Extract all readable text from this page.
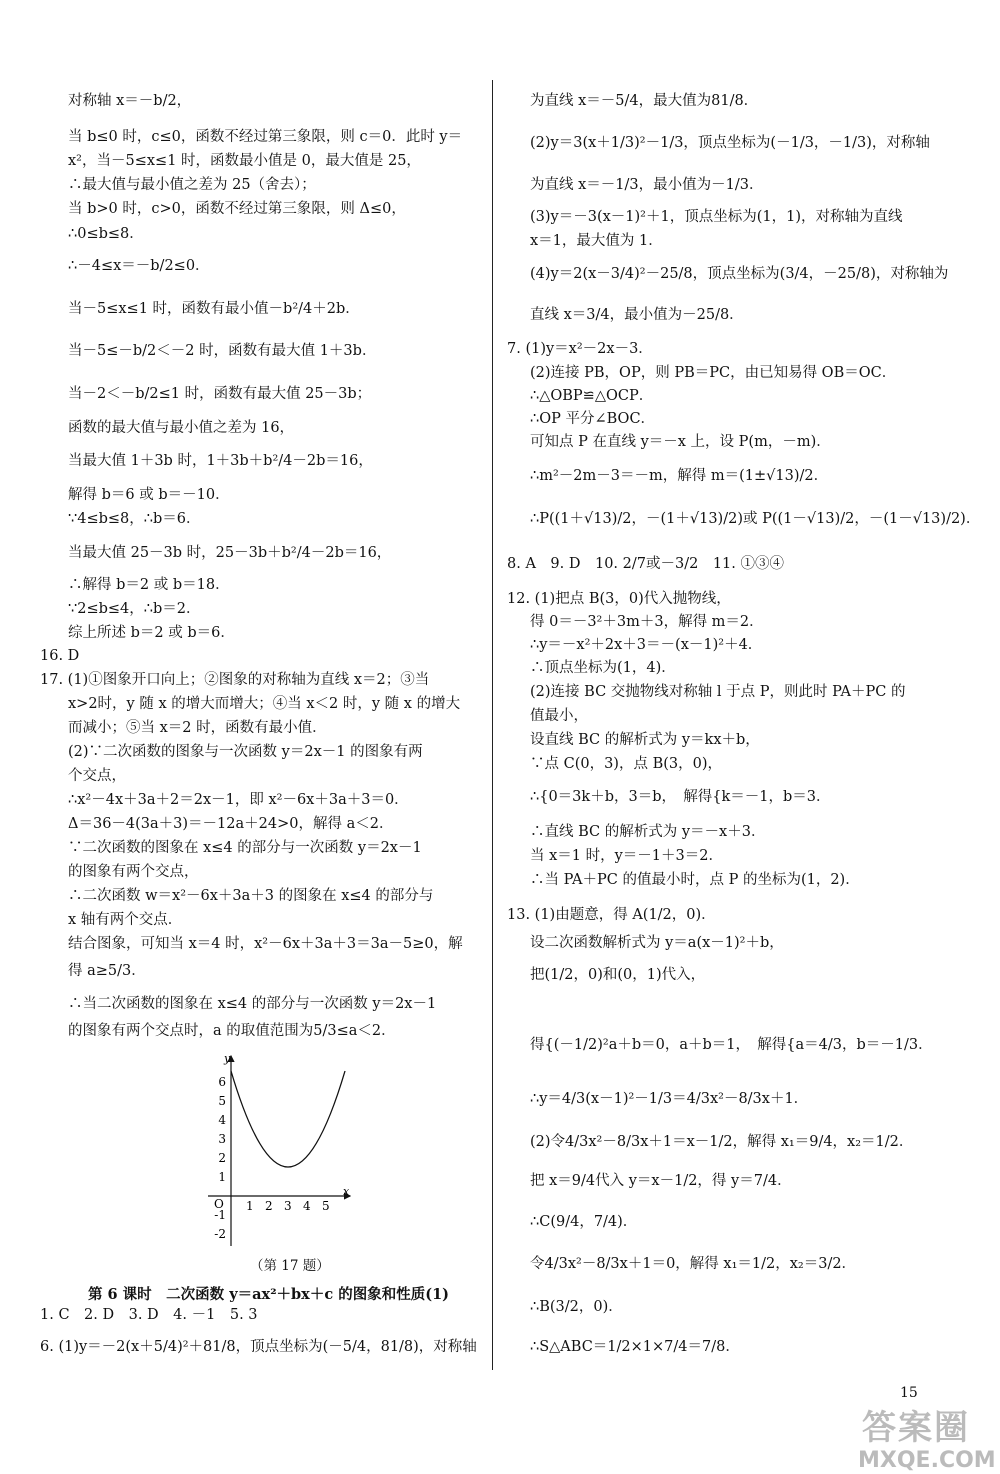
对称轴 x＝－b/2，
当 b≤0 时，c≤0，函数不经过第三象限，则 c＝0．此时 y＝
x²，当－5≤x≤1 时，函数最小值是 0，最大值是 25，
∴最大值与最小值之差为 25（舍去）；
当 b>0 时，c>0，函数不经过第三象限，则 Δ≤0，
∴0≤b≤8．
∴－4≤x＝－b/2≤0．
当－5≤x≤1 时，函数有最小值－b²/4＋2b．
当－5≤－b/2＜－2 时，函数有最大值 1＋3b．
当－2＜－b/2≤1 时，函数有最大值 25－3b；
函数的最大值与最小值之差为 16，
当最大值 1＋3b 时，1＋3b＋b²/4－2b＝16，
解得 b＝6 或 b＝－10．
∵4≤b≤8，∴b＝6．
当最大值 25－3b 时，25－3b＋b²/4－2b＝16，
∴解得 b＝2 或 b＝18．
∵2≤b≤4，∴b＝2．
综上所述 b＝2 或 b＝6．
16. D
17. (1)①图象开口向上；②图象的对称轴为直线 x＝2；③当
x>2时，y 随 x 的增大而增大；④当 x＜2 时，y 随 x 的增大
而减小；⑤当 x＝2 时，函数有最小值．
(2)∵二次函数的图象与一次函数 y＝2x－1 的图象有两
个交点，
∴x²－4x＋3a＋2＝2x－1，即 x²－6x＋3a＋3＝0．
Δ＝36－4(3a＋3)＝－12a＋24>0，解得 a＜2．
∵二次函数的图象在 x≤4 的部分与一次函数 y＝2x－1
的图象有两个交点，
∴二次函数 w＝x²－6x＋3a＋3 的图象在 x≤4 的部分与
x 轴有两个交点．
结合图象，可知当 x＝4 时，x²－6x＋3a＋3＝3a－5≥0，解
得 a≥5/3．
∴当二次函数的图象在 x≤4 的部分与一次函数 y＝2x－1
的图象有两个交点时，a 的取值范围为5/3≤a＜2．
x
y
O 1 2 3 4 5
6
5
4
3
2
1
-1
-2
（第 17 题）
第 6 课时　二次函数 y＝ax²＋bx＋c 的图象和性质(1)
1. C　2. D　3. D　4. －1　5. 3
6. (1)y＝－2(x＋5/4)²＋81/8，顶点坐标为(－5/4，81/8)，对称轴
为直线 x＝－5/4，最大值为81/8．
(2)y＝3(x＋1/3)²－1/3，顶点坐标为(－1/3，－1/3)，对称轴
为直线 x＝－1/3，最小值为－1/3．
(3)y＝－3(x－1)²＋1，顶点坐标为(1，1)，对称轴为直线
x＝1，最大值为 1．
(4)y＝2(x－3/4)²－25/8，顶点坐标为(3/4，－25/8)，对称轴为
直线 x＝3/4，最小值为－25/8．
7. (1)y＝x²－2x－3．
(2)连接 PB，OP，则 PB＝PC，由已知易得 OB＝OC．
∴△OBP≌△OCP．
∴OP 平分∠BOC．
可知点 P 在直线 y＝－x 上，设 P(m，－m)．
∴m²－2m－3＝－m，解得 m＝(1±√13)/2．
∴P((1＋√13)/2，－(1＋√13)/2)或 P((1－√13)/2，－(1－√13)/2)．
8. A　9. D　10. 2/7或－3/2　11. ①③④
12. (1)把点 B(3，0)代入抛物线，
得 0＝－3²＋3m＋3，解得 m＝2．
∴y＝－x²＋2x＋3＝－(x－1)²＋4．
∴顶点坐标为(1，4)．
(2)连接 BC 交抛物线对称轴 l 于点 P，则此时 PA＋PC 的
值最小，
设直线 BC 的解析式为 y＝kx＋b，
∵点 C(0，3)，点 B(3，0)，
∴{0＝3k＋b，3＝b，　解得{k＝－1，b＝3．
∴直线 BC 的解析式为 y＝－x＋3．
当 x＝1 时，y＝－1＋3＝2．
∴当 PA＋PC 的值最小时，点 P 的坐标为(1，2)．
13. (1)由题意，得 A(1/2，0)．
设二次函数解析式为 y＝a(x－1)²＋b，
把(1/2，0)和(0，1)代入，
得{(－1/2)²a＋b＝0，a＋b＝1，　解得{a＝4/3，b＝－1/3．
∴y＝4/3(x－1)²－1/3＝4/3x²－8/3x＋1．
(2)令4/3x²－8/3x＋1＝x－1/2，解得 x₁＝9/4，x₂＝1/2．
把 x＝9/4代入 y＝x－1/2，得 y＝7/4．
∴C(9/4，7/4)．
令4/3x²－8/3x＋1＝0，解得 x₁＝1/2，x₂＝3/2．
∴B(3/2，0)．
∴S△ABC＝1/2×1×7/4＝7/8．
15
答案圈
MXQE.COM
